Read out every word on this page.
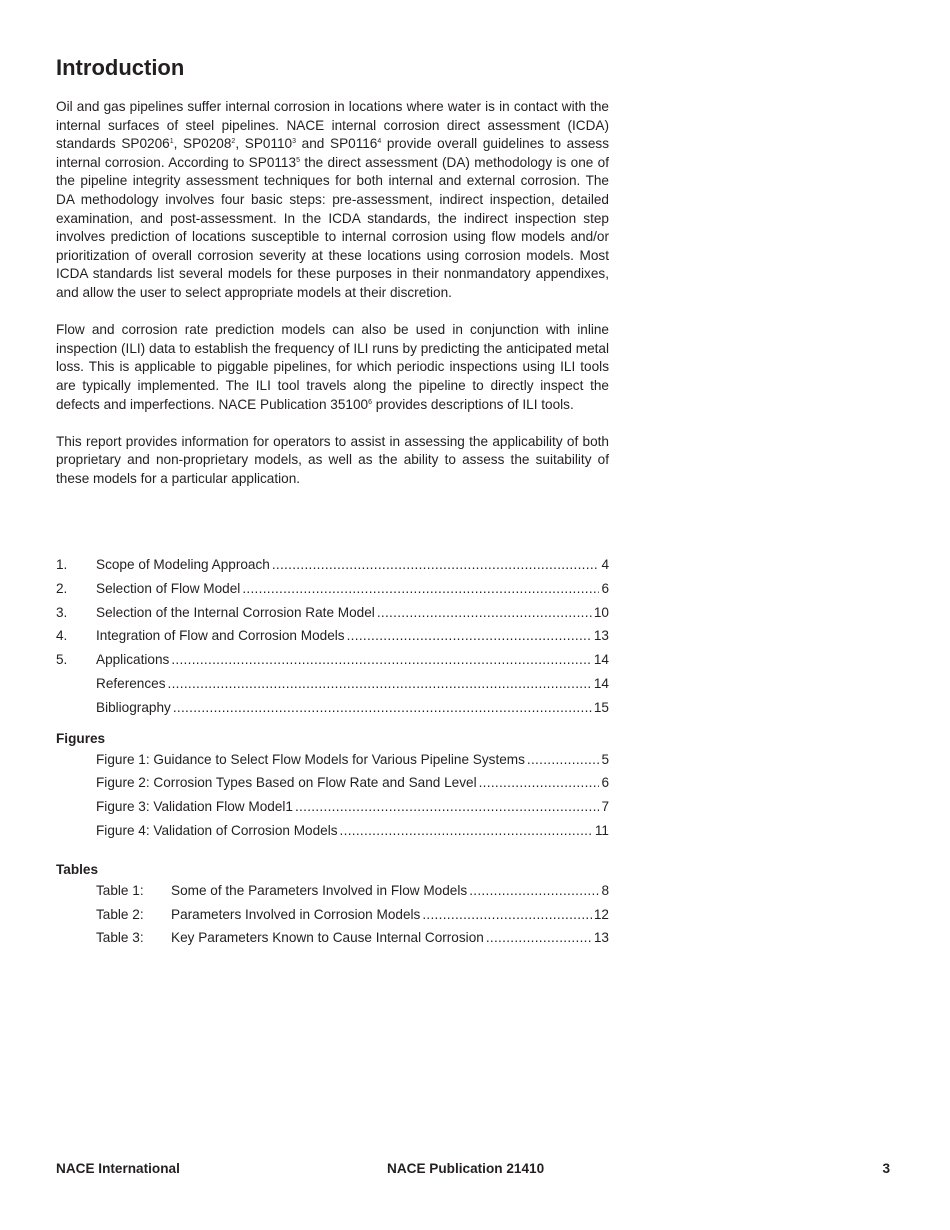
Introduction

Oil and gas pipelines suffer internal corrosion in locations where water is in contact with the internal surfaces of steel pipelines. NACE internal corrosion direct assessment (ICDA) standards SP0206$^1$, SP0208$^2$, SP0110$^3$ and SP0116$^4$ provide overall guidelines to assess internal corrosion. According to SP0113$^5$ the direct assessment (DA) methodology is one of the pipeline integrity assessment techniques for both internal and external corrosion. The DA methodology involves four basic steps: pre-assessment, indirect inspection, detailed examination, and post-assessment. In the ICDA standards, the indirect inspection step involves prediction of locations susceptible to internal corrosion using flow models and/or prioritization of overall corrosion severity at these locations using corrosion models. Most ICDA standards list several models for these purposes in their nonmandatory appendixes, and allow the user to select appropriate models at their discretion.

Flow and corrosion rate prediction models can also be used in conjunction with inline inspection (ILI) data to establish the frequency of ILI runs by predicting the anticipated metal loss. This is applicable to piggable pipelines, for which periodic inspections using ILI tools are typically implemented. The ILI tool travels along the pipeline to directly inspect the defects and imperfections. NACE Publication 35100$^6$ provides descriptions of ILI tools.

This report provides information for operators to assist in assessing the applicability of both proprietary and non-proprietary models, as well as the ability to assess the suitability of these models for a particular application.

1.	Scope of Modeling Approach .....	4
2.	Selection of Flow Model .....	6
3.	Selection of the Internal Corrosion Rate Model .....	10
4.	Integration of Flow and Corrosion Models .....	13
5.	Applications .....	14
References .....	14
Bibliography .....	15
Figures
Figure 1: Guidance to Select Flow Models for Various Pipeline Systems .....	5
Figure 2: Corrosion Types Based on Flow Rate and Sand Level .....	6
Figure 3: Validation Flow Model1 .....	7
Figure 4: Validation of Corrosion Models .....	11
Tables
Table 1:	Some of the Parameters Involved in Flow Models .....	8
Table 2:	Parameters Involved in Corrosion Models .....	12
Table 3:	Key Parameters Known to Cause Internal Corrosion .....	13
NACE International	NACE Publication 21410	3
